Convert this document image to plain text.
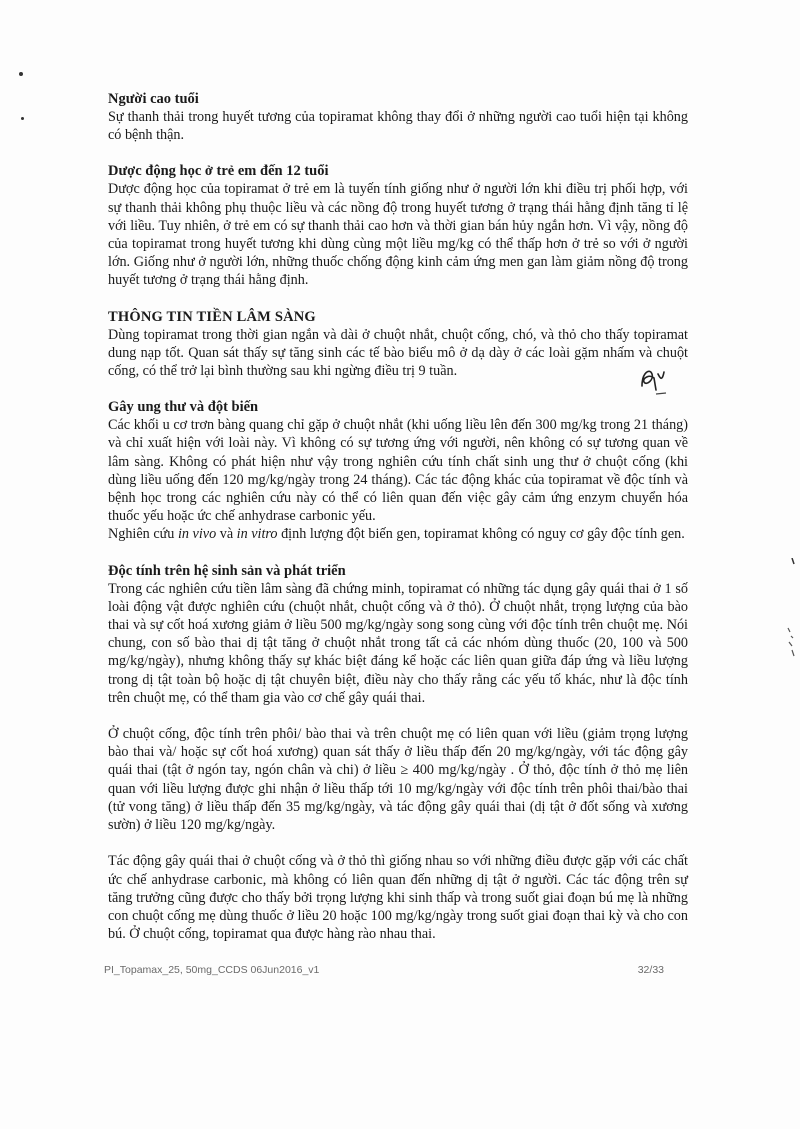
Người cao tuổi

Sự thanh thải trong huyết tương của topiramat không thay đổi ở những người cao tuổi hiện tại không có bệnh thận.

Dược động học ở trẻ em đến 12 tuổi

Dược động học của topiramat ở trẻ em là tuyến tính giống như ở người lớn khi điều trị phối hợp, với sự thanh thải không phụ thuộc liều và các nồng độ trong huyết tương ở trạng thái hằng định tăng tỉ lệ với liều. Tuy nhiên, ở trẻ em có sự thanh thải cao hơn và thời gian bán hủy ngắn hơn. Vì vậy, nồng độ của topiramat trong huyết tương khi dùng cùng một liều mg/kg có thể thấp hơn ở trẻ so với ở người lớn. Giống như ở người lớn, những thuốc chống động kinh cảm ứng men gan làm giảm nồng độ trong huyết tương ở trạng thái hằng định.

THÔNG TIN TIỀN LÂM SÀNG

Dùng topiramat trong thời gian ngắn và dài ở chuột nhắt, chuột cống, chó, và thỏ cho thấy topiramat dung nạp tốt. Quan sát thấy sự tăng sinh các tế bào biểu mô ở dạ dày ở các loài gặm nhấm và chuột cống, có thể trở lại bình thường sau khi ngừng điều trị 9 tuần.

Gây ung thư và đột biến

Các khối u cơ trơn bàng quang chỉ gặp ở chuột nhắt (khi uống liều lên đến 300 mg/kg trong 21 tháng) và chỉ xuất hiện với loài này. Vì không có sự tương ứng với người, nên không có sự tương quan về lâm sàng. Không có phát hiện như vậy trong nghiên cứu tính chất sinh ung thư ở chuột cống (khi dùng liều uống đến 120 mg/kg/ngày trong 24 tháng). Các tác động khác của topiramat về độc tính và bệnh học trong các nghiên cứu này có thể có liên quan đến việc gây cảm ứng enzym chuyển hóa thuốc yếu hoặc ức chế anhydrase carbonic yếu.

Nghiên cứu in vivo và in vitro định lượng đột biến gen, topiramat không có nguy cơ gây độc tính gen.

Độc tính trên hệ sinh sản và phát triển

Trong các nghiên cứu tiền lâm sàng đã chứng minh, topiramat có những tác dụng gây quái thai ở 1 số loài động vật được nghiên cứu (chuột nhắt, chuột cống và ở thỏ). Ở chuột nhắt, trọng lượng của bào thai và sự cốt hoá xương giảm ở liều 500 mg/kg/ngày song song cùng với độc tính trên chuột mẹ. Nói chung, con số bào thai dị tật tăng ở chuột nhắt trong tất cả các nhóm dùng thuốc (20, 100 và 500 mg/kg/ngày), nhưng không thấy sự khác biệt đáng kể hoặc các liên quan giữa đáp ứng và liều lượng trong dị tật toàn bộ hoặc dị tật chuyên biệt, điều này cho thấy rằng các yếu tố khác, như là độc tính trên chuột mẹ, có thể tham gia vào cơ chế gây quái thai.

Ở chuột cống, độc tính trên phôi/ bào thai và trên chuột mẹ có liên quan với liều (giảm trọng lượng bào thai và/ hoặc sự cốt hoá xương) quan sát thấy ở liều thấp đến 20 mg/kg/ngày, với tác động gây quái thai (tật ở ngón tay, ngón chân và chi) ở liều ≥ 400 mg/kg/ngày . Ở thỏ, độc tính ở thỏ mẹ liên quan với liều lượng được ghi nhận ở liều thấp tới 10 mg/kg/ngày với độc tính trên phôi thai/bào thai (tử vong tăng) ở liều thấp đến 35 mg/kg/ngày, và tác động gây quái thai (dị tật ở đốt sống và xương sườn) ở liều 120 mg/kg/ngày.

Tác động gây quái thai ở chuột cống và ở thỏ thì giống nhau so với những điều được gặp với các chất ức chế anhydrase carbonic, mà không có liên quan đến những dị tật ở người. Các tác động trên sự tăng trưởng cũng được cho thấy bởi trọng lượng khi sinh thấp và trong suốt giai đoạn bú mẹ là những con chuột cống mẹ dùng thuốc ở liều 20 hoặc 100 mg/kg/ngày trong suốt giai đoạn thai kỳ và cho con bú. Ở chuột cống, topiramat qua được hàng rào nhau thai.

PI_Topamax_25, 50mg_CCDS 06Jun2016_v1	32/33
